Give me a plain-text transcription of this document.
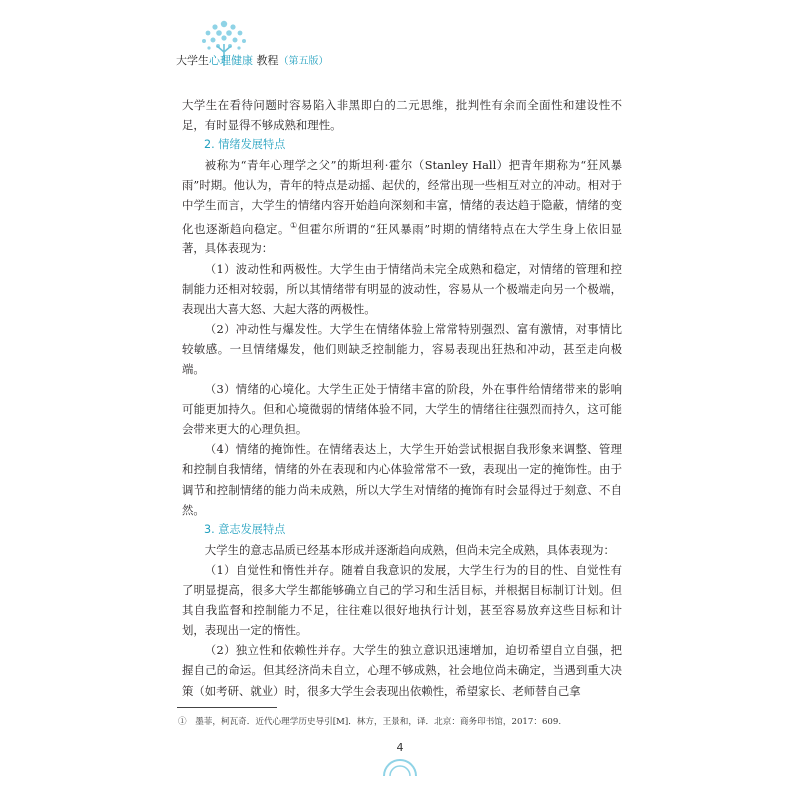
大学生心理健康 教程（第五版）

大学生在看待问题时容易陷入非黑即白的二元思维，批判性有余而全面性和建设性不足，有时显得不够成熟和理性。

2. 情绪发展特点

被称为“青年心理学之父”的斯坦利·霍尔（Stanley Hall）把青年期称为“狂风暴雨”时期。他认为，青年的特点是动摇、起伏的，经常出现一些相互对立的冲动。相对于中学生而言，大学生的情绪内容开始趋向深刻和丰富，情绪的表达趋于隐蔽，情绪的变化也逐渐趋向稳定。①但霍尔所谓的“狂风暴雨”时期的情绪特点在大学生身上依旧显著，具体表现为：

（1）波动性和两极性。大学生由于情绪尚未完全成熟和稳定，对情绪的管理和控制能力还相对较弱，所以其情绪带有明显的波动性，容易从一个极端走向另一个极端，表现出大喜大怒、大起大落的两极性。

（2）冲动性与爆发性。大学生在情绪体验上常常特别强烈、富有激情，对事情比较敏感。一旦情绪爆发，他们则缺乏控制能力，容易表现出狂热和冲动，甚至走向极端。

（3）情绪的心境化。大学生正处于情绪丰富的阶段，外在事件给情绪带来的影响可能更加持久。但和心境微弱的情绪体验不同，大学生的情绪往往强烈而持久，这可能会带来更大的心理负担。

（4）情绪的掩饰性。在情绪表达上，大学生开始尝试根据自我形象来调整、管理和控制自我情绪，情绪的外在表现和内心体验常常不一致，表现出一定的掩饰性。由于调节和控制情绪的能力尚未成熟，所以大学生对情绪的掩饰有时会显得过于刻意、不自然。

3. 意志发展特点

大学生的意志品质已经基本形成并逐渐趋向成熟，但尚未完全成熟，具体表现为：

（1）自觉性和惰性并存。随着自我意识的发展，大学生行为的目的性、自觉性有了明显提高，很多大学生都能够确立自己的学习和生活目标，并根据目标制订计划。但其自我监督和控制能力不足，往往难以很好地执行计划，甚至容易放弃这些目标和计划，表现出一定的惰性。

（2）独立性和依赖性并存。大学生的独立意识迅速增加，迫切希望自立自强，把握自己的命运。但其经济尚未自立，心理不够成熟，社会地位尚未确定，当遇到重大决策（如考研、就业）时，很多大学生会表现出依赖性，希望家长、老师替自己拿

①　墨菲，柯瓦奇．近代心理学历史导引[M]．林方，王景和，译．北京：商务印书馆，2017：609.
4
